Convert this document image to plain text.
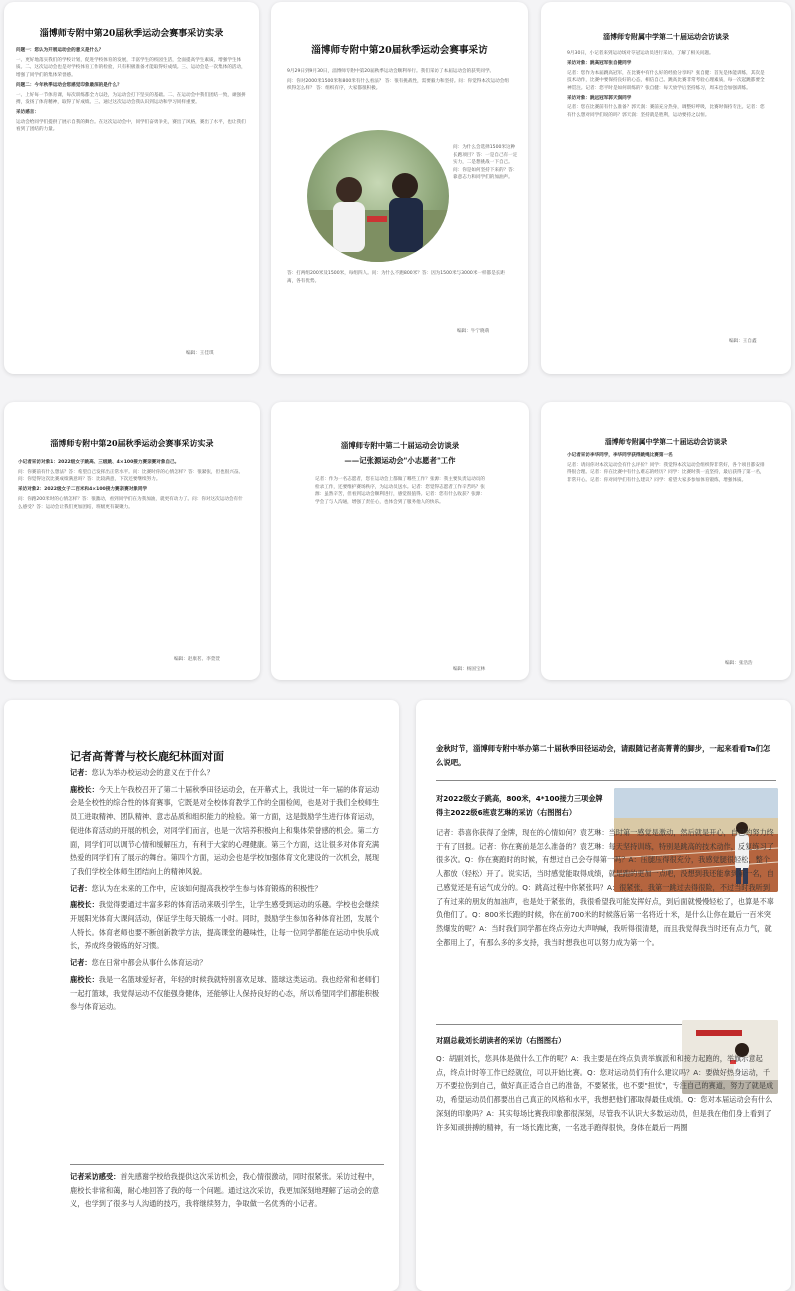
淄博师专附中第20届秋季运动会赛事采访实录

问题一：您认为开展运动会的意义是什么？

一、更好地落实我们的学校计划，促进学校体育的发展，丰富学生的校园生活，全面提高学生素质，增强学生体质。二、这次运动会也是对学校体育工作的检验，只有积极准备才能取得好成绩。三、运动会是一次集体的活动，增强了同学们的集体荣誉感。

问题二：今年秋季运动会您感觉印象最深的是什么？

一、上好每一节体育课，每次训练都全力以赴，为运动会打下坚实的基础。二、在运动会中我们团结一致，顽强拼搏，发扬了体育精神，取得了好成绩。三、通过这次运动会我认识到运动和学习同样重要。

采访感言：

运动会给同学们提供了展示自我的舞台。在这次运动会中，同学们奋勇争先，赛出了风格，赛出了水平，也让我们看到了团结的力量。

编辑：王佳琪
淄博师专附中第20届秋季运动会赛事采访

9月29日到9月30日，淄博师专附中第20届秋季运动会顺利举行。我们采访了本届运动会的获奖同学。

问：你对2000米1500米和800米有什么看法？ 答：很有挑战性，需要毅力和坚持。问：你觉得本次运动会组织得怎么样？ 答：组织有序，大家都很积极。

问：为什么会选择1500米这种长跑项目？答：一是自己有一定实力，二是想挑战一下自己。问：你是如何坚持下来的？答：靠意志力和同学们的加油声。
答：打两组200米及1500米，每组四人。问：为什么不跑800米？答：因为1500米与3000米一样都是长距离，各有优势。
编辑：牛宁晓萌
淄博师专附属中学第二十届运动会访谈录

9月30日，小记者来到运动场对夺冠运动员进行采访，了解了相关问题。

采访对象：跳高冠军张自健同学

记者：您作为本届跳高冠军，在比赛中有什么好的经验分享吗？张自健：首先是体能训练，其次是技术动作，比赛中要保持良好的心态，相信自己。跳高比赛非常考验心理素质，每一次起跳都要全神贯注。记者：您平时是如何训练的？张自健：每天放学后坚持练习，周末也会加强训练。

采访对象：跳远冠军郭天润同学

记者：您在比赛前有什么准备？郭天润：赛前充分热身，调整好呼吸，比赛时保持专注。记者：您有什么想对同学们说的吗？郭天润：坚持就是胜利，运动要持之以恒。

编辑：王自鑫
淄博师专附中第20届秋季运动会赛事采访实录

小记者采访对象1：2022级女子跳高、三级跳、4×100接力赛亲赛对象自己。

问：你赛前有什么想法？答：希望自己发挥出正常水平。问：比赛时你的心情怎样？答：很紧张，但也很兴奋。问：你觉得这次比赛成绩满意吗？答：比较满意，下次还要继续努力。

采访对象2：2022级女子二百米和4×100接力赛亲赛对象同学

问：你跑200米时的心情怎样？答：很激动，看到同学们在为我加油，就更有动力了。问：你对这次运动会有什么感受？答：运动会让我们更加团结，班级更有凝聚力。

编辑：赵康茗、李萱萱
淄博师专附中第二十届运动会访谈录
——记张源运动会"小志愿者"工作
记者：作为一名志愿者，您在运动会上都做了哪些工作？张源：我主要负责运动员的检录工作，还要维护赛场秩序，为运动员送水。记者：您觉得志愿者工作辛苦吗？张源：虽然辛苦，但看到运动会顺利进行，感觉很值得。记者：您有什么收获？张源：学会了与人沟通，增强了责任心，也体会到了服务他人的快乐。
编辑：杨国宝林
淄博师专附属中学第二十届运动会访谈录

小记者采访李华同学，李华同学获得跳绳比赛第一名

记者：请问你对本次运动会有什么评价？同学：我觉得本次运动会组织得非常好，各个项目都安排得很合理。记者：你在比赛中有什么难忘的经历？同学：比赛时我一直坚持，最后获得了第一名，非常开心。记者：你对同学们有什么建议？同学：希望大家多参加体育锻炼，增强体质。

编辑：张浩浩
记者高菁菁与校长鹿纪林面对面

记者：您认为举办校运动会的意义在于什么？

鹿校长：今天上午我校召开了第二十届秋季田径运动会，在开幕式上，我说过一年一届的体育运动会是全校性的综合性的体育赛事，它既是对全校体育教学工作的全面检阅，也是对于我们全校师生员工进取精神、团队精神、意志品质和组织能力的检验。第一方面，这是鼓励学生进行体育运动，促进体育活动的开展的机会，对同学们而言，也是一次培养积极向上和集体荣誉感的机会。第二方面，同学们可以调节心情和缓解压力，有利于大家的心理健康。第三个方面，这让很多对体育充满热爱的同学们有了展示的舞台。第四个方面，运动会也是学校加强体育文化建设的一次机会，展现了我们学校全体师生团结向上的精神风貌。

记者：您认为在未来的工作中，应该如何提高我校学生参与体育锻炼的积极性？

鹿校长：我觉得要通过丰富多彩的体育活动来吸引学生，让学生感受到运动的乐趣。学校也会继续开展阳光体育大课间活动，保证学生每天锻炼一小时。同时，鼓励学生参加各种体育社团，发展个人特长。体育老师也要不断创新教学方法，提高课堂的趣味性，让每一位同学都能在运动中快乐成长，养成终身锻炼的好习惯。

记者：您在日常中都会从事什么体育运动？

鹿校长：我是一名篮球爱好者，年轻的时候我就特别喜欢足球、篮球这类运动。我也经常和老师们一起打篮球，我觉得运动不仅能强身健体，还能够让人保持良好的心态，所以希望同学们都能积极参与体育运动。

记者采访感受：首先感谢学校给我提供这次采访机会，我心情很激动，同时很紧张。采访过程中，鹿校长非常和蔼，耐心地回答了我的每一个问题。通过这次采访，我更加深刻地理解了运动会的意义，也学到了很多与人沟通的技巧，我将继续努力，争取做一名优秀的小记者。

金秋时节，淄博师专附中举办第二十届秋季田径运动会，请跟随记者高菁菁的脚步，一起来看看Ta们怎么说吧。
对2022级女子跳高，800米，4*100接力三项金牌得主2022级6班袁艺琳的采访（右图图右）
记者：恭喜你获得了金牌，现在的心情如何？袁艺琳：当时第一感觉是激动，然后就是开心，自己的努力终于有了回报。记者：你在赛前是怎么准备的？袁艺琳：每天坚持训练，特别是跳高的技术动作，反复练习了很多次。Q：你在赛跑时的时候，有想过自己会夺得第一吗？A：压腿压得很充分，我感觉腿很轻松，整个人都放（轻松）开了。说实话，当时感觉能取得成绩，就是跑的更加一点吧，没想到我还能拿到第一名，自己感觉还是有运气成分的。Q：跳高过程中你紧张吗？A：很紧张，我第一跳过去得很险，不过当时我听到了有过来的朋友的加油声，也是处于紧张的，我很希望我可能发挥好点，到后面就慢慢轻松了，也算是不辜负他们了。Q：800米长跑的时候，你在前700米的时候落后第一名将近十米，是什么让你在最后一百米突然爆发的呢？A：当时我们同学都在终点旁边大声呐喊，我听得很清楚，而且我觉得我当时还有点力气，就全都用上了，有那么多的多支持，我当时想我也可以努力成为第一个。
对副总裁刘长胡读者的采访（右图图右）
Q：胡副刘长，您具体是做什么工作的呢？A：我主要是在终点负责举旗派和和接力起跑的，举旗示意起点，终点计时等工作已经就位，可以开始比赛。Q：您对运动员们有什么建议吗？A：要做好热身运动，千万不要拉伤到自己，做好真正适合自己的准备，不要紧张，也不要"担忧"，专注自己的赛道，努力了就是成功，希望运动员们都要出自己真正的风格和水平，我想把他们都取得最佳成绩。Q：您对本届运动会有什么深刻的印象吗？A：其实每场比赛我印象都很深刻，尽管我不认识大多数运动员，但是我在他们身上看到了许多知顽拼搏的精神，有一场长跑比赛，一名选手跑得很快，身体在最后一两圈
